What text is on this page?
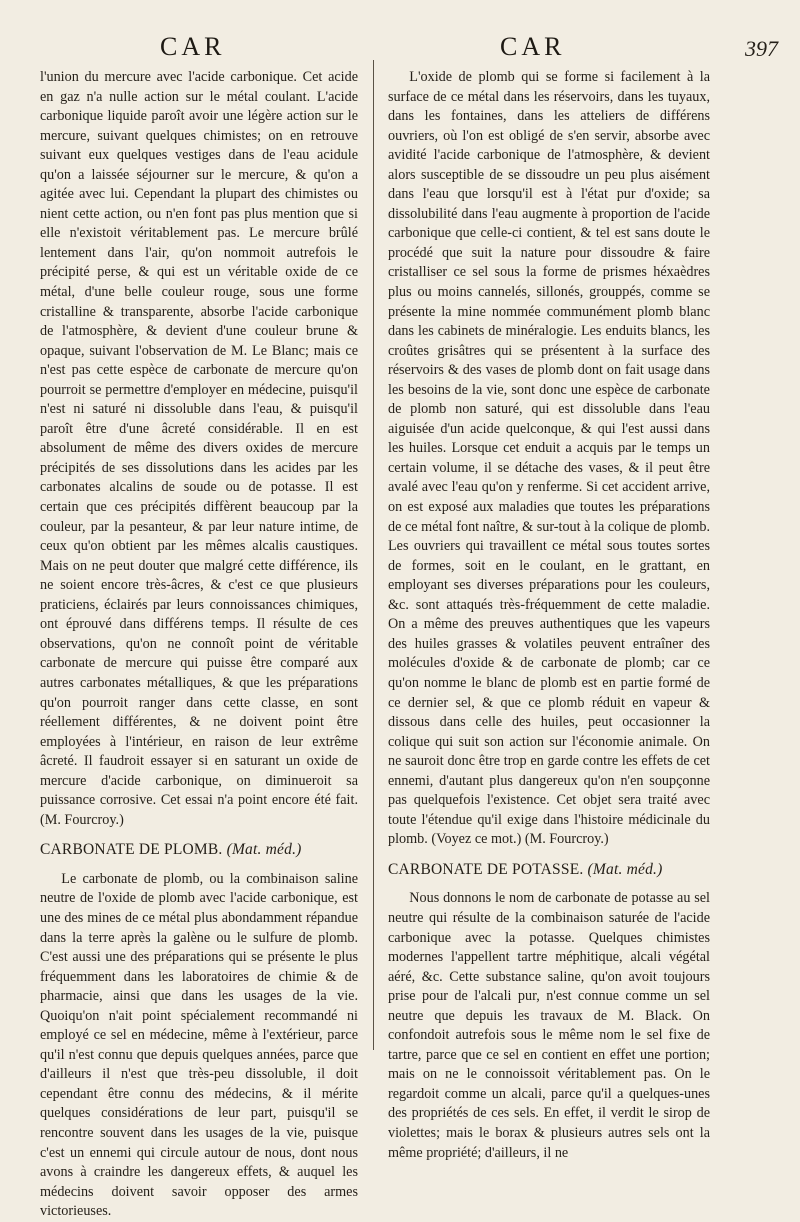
CAR	CAR	397

l'union du mercure avec l'acide carbonique. Cet acide en gaz n'a nulle action sur le métal coulant. L'acide carbonique liquide paroît avoir une légère action sur le mercure, suivant quelques chimistes; on en retrouve suivant eux quelques vestiges dans de l'eau acidule qu'on a laissée séjourner sur le mercure, & qu'on a agitée avec lui. Cependant la plupart des chimistes ou nient cette action, ou n'en font pas plus mention que si elle n'existoit véritablement pas. Le mercure brûlé lentement dans l'air, qu'on nommoit autrefois le précipité perse, & qui est un véritable oxide de ce métal, d'une belle couleur rouge, sous une forme cristalline & transparente, absorbe l'acide carbonique de l'atmosphère, & devient d'une couleur brune & opaque, suivant l'observation de M. Le Blanc; mais ce n'est pas cette espèce de carbonate de mercure qu'on pourroit se permettre d'employer en médecine, puisqu'il n'est ni saturé ni dissoluble dans l'eau, & puisqu'il paroît être d'une âcreté considérable. Il en est absolument de même des divers oxides de mercure précipités de ses dissolutions dans les acides par les carbonates alcalins de soude ou de potasse. Il est certain que ces précipités diffèrent beaucoup par la couleur, par la pesanteur, & par leur nature intime, de ceux qu'on obtient par les mêmes alcalis caustiques. Mais on ne peut douter que malgré cette différence, ils ne soient encore très-âcres, & c'est ce que plusieurs praticiens, éclairés par leurs connoissances chimiques, ont éprouvé dans différens temps. Il résulte de ces observations, qu'on ne connoît point de véritable carbonate de mercure qui puisse être comparé aux autres carbonates métalliques, & que les préparations qu'on pourroit ranger dans cette classe, en sont réellement différentes, & ne doivent point être employées à l'intérieur, en raison de leur extrême âcreté. Il faudroit essayer si en saturant un oxide de mercure d'acide carbonique, on diminueroit sa puissance corrosive. Cet essai n'a point encore été fait. (M. Fourcroy.)

CARBONATE DE PLOMB. (Mat. méd.)

Le carbonate de plomb, ou la combinaison saline neutre de l'oxide de plomb avec l'acide carbonique, est une des mines de ce métal plus abondamment répandue dans la terre après la galène ou le sulfure de plomb. C'est aussi une des préparations qui se présente le plus fréquemment dans les laboratoires de chimie & de pharmacie, ainsi que dans les usages de la vie. Quoiqu'on n'ait point spécialement recommandé ni employé ce sel en médecine, même à l'extérieur, parce qu'il n'est connu que depuis quelques années, parce que d'ailleurs il n'est que très-peu dissoluble, il doit cependant être connu des médecins, & il mérite quelques considérations de leur part, puisqu'il se rencontre souvent dans les usages de la vie, puisque c'est un ennemi qui circule autour de nous, dont nous avons à craindre les dangereux effets, & auquel les médecins doivent savoir opposer des armes victorieuses.

L'oxide de plomb qui se forme si facilement à la surface de ce métal dans les réservoirs, dans les tuyaux, dans les fontaines, dans les atteliers de différens ouvriers, où l'on est obligé de s'en servir, absorbe avec avidité l'acide carbonique de l'atmosphère, & devient alors susceptible de se dissoudre un peu plus aisément dans l'eau que lorsqu'il est à l'état pur d'oxide; sa dissolubilité dans l'eau augmente à proportion de l'acide carbonique que celle-ci contient, & tel est sans doute le procédé que suit la nature pour dissoudre & faire cristalliser ce sel sous la forme de prismes héxaèdres plus ou moins cannelés, sillonés, grouppés, comme se présente la mine nommée communément plomb blanc dans les cabinets de minéralogie. Les enduits blancs, les croûtes grisâtres qui se présentent à la surface des réservoirs & des vases de plomb dont on fait usage dans les besoins de la vie, sont donc une espèce de carbonate de plomb non saturé, qui est dissoluble dans l'eau aiguisée d'un acide quelconque, & qui l'est aussi dans les huiles. Lorsque cet enduit a acquis par le temps un certain volume, il se détache des vases, & il peut être avalé avec l'eau qu'on y renferme. Si cet accident arrive, on est exposé aux maladies que toutes les préparations de ce métal font naître, & sur-tout à la colique de plomb. Les ouvriers qui travaillent ce métal sous toutes sortes de formes, soit en le coulant, en le grattant, en employant ses diverses préparations pour les couleurs, &c. sont attaqués très-fréquemment de cette maladie. On a même des preuves authentiques que les vapeurs des huiles grasses & volatiles peuvent entraîner des molécules d'oxide & de carbonate de plomb; car ce qu'on nomme le blanc de plomb est en partie formé de ce dernier sel, & que ce plomb réduit en vapeur & dissous dans celle des huiles, peut occasionner la colique qui suit son action sur l'économie animale. On ne sauroit donc être trop en garde contre les effets de cet ennemi, d'autant plus dangereux qu'on n'en soupçonne pas quelquefois l'existence. Cet objet sera traité avec toute l'étendue qu'il exige dans l'histoire médicinale du plomb. (Voyez ce mot.) (M. Fourcroy.)

CARBONATE DE POTASSE. (Mat. méd.)

Nous donnons le nom de carbonate de potasse au sel neutre qui résulte de la combinaison saturée de l'acide carbonique avec la potasse. Quelques chimistes modernes l'appellent tartre méphitique, alcali végétal aéré, &c. Cette substance saline, qu'on avoit toujours prise pour de l'alcali pur, n'est connue comme un sel neutre que depuis les travaux de M. Black. On confondoit autrefois sous le même nom le sel fixe de tartre, parce que ce sel en contient en effet une portion; mais on ne le connoissoit véritablement pas. On le regardoit comme un alcali, parce qu'il a quelques-unes des propriétés de ces sels. En effet, il verdit le sirop de violettes; mais le borax & plusieurs autres sels ont la même propriété; d'ailleurs, il ne
